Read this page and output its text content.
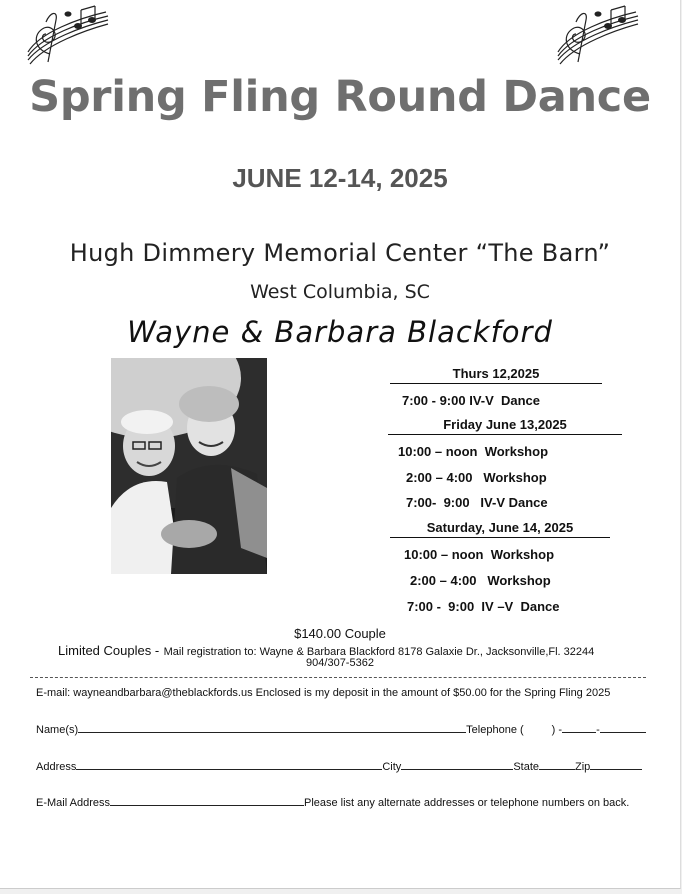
Spring Fling Round Dance
JUNE 12-14, 2025
Hugh Dimmery Memorial Center “The Barn”
West Columbia, SC
Wayne & Barbara Blackford
Thurs 12,2025
7:00 - 9:00 IV-V  Dance
Friday June 13,2025
10:00 – noon  Workshop
2:00 – 4:00   Workshop
7:00-  9:00   IV-V Dance
Saturday, June 14, 2025
10:00 – noon  Workshop
2:00 – 4:00   Workshop
7:00 -  9:00  IV –V  Dance
$140.00 Couple
Limited Couples - Mail registration to: Wayne & Barbara Blackford 8178 Galaxie Dr., Jacksonville,Fl. 32244
904/307-5362
E-mail: wayneandbarbara@theblackfords.us Enclosed is my deposit in the amount of $50.00 for the Spring Fling 2025
Name(s)	Telephone (	) -	-
Address	City	State	Zip
E-Mail Address	Please list any alternate addresses or telephone numbers on back.
